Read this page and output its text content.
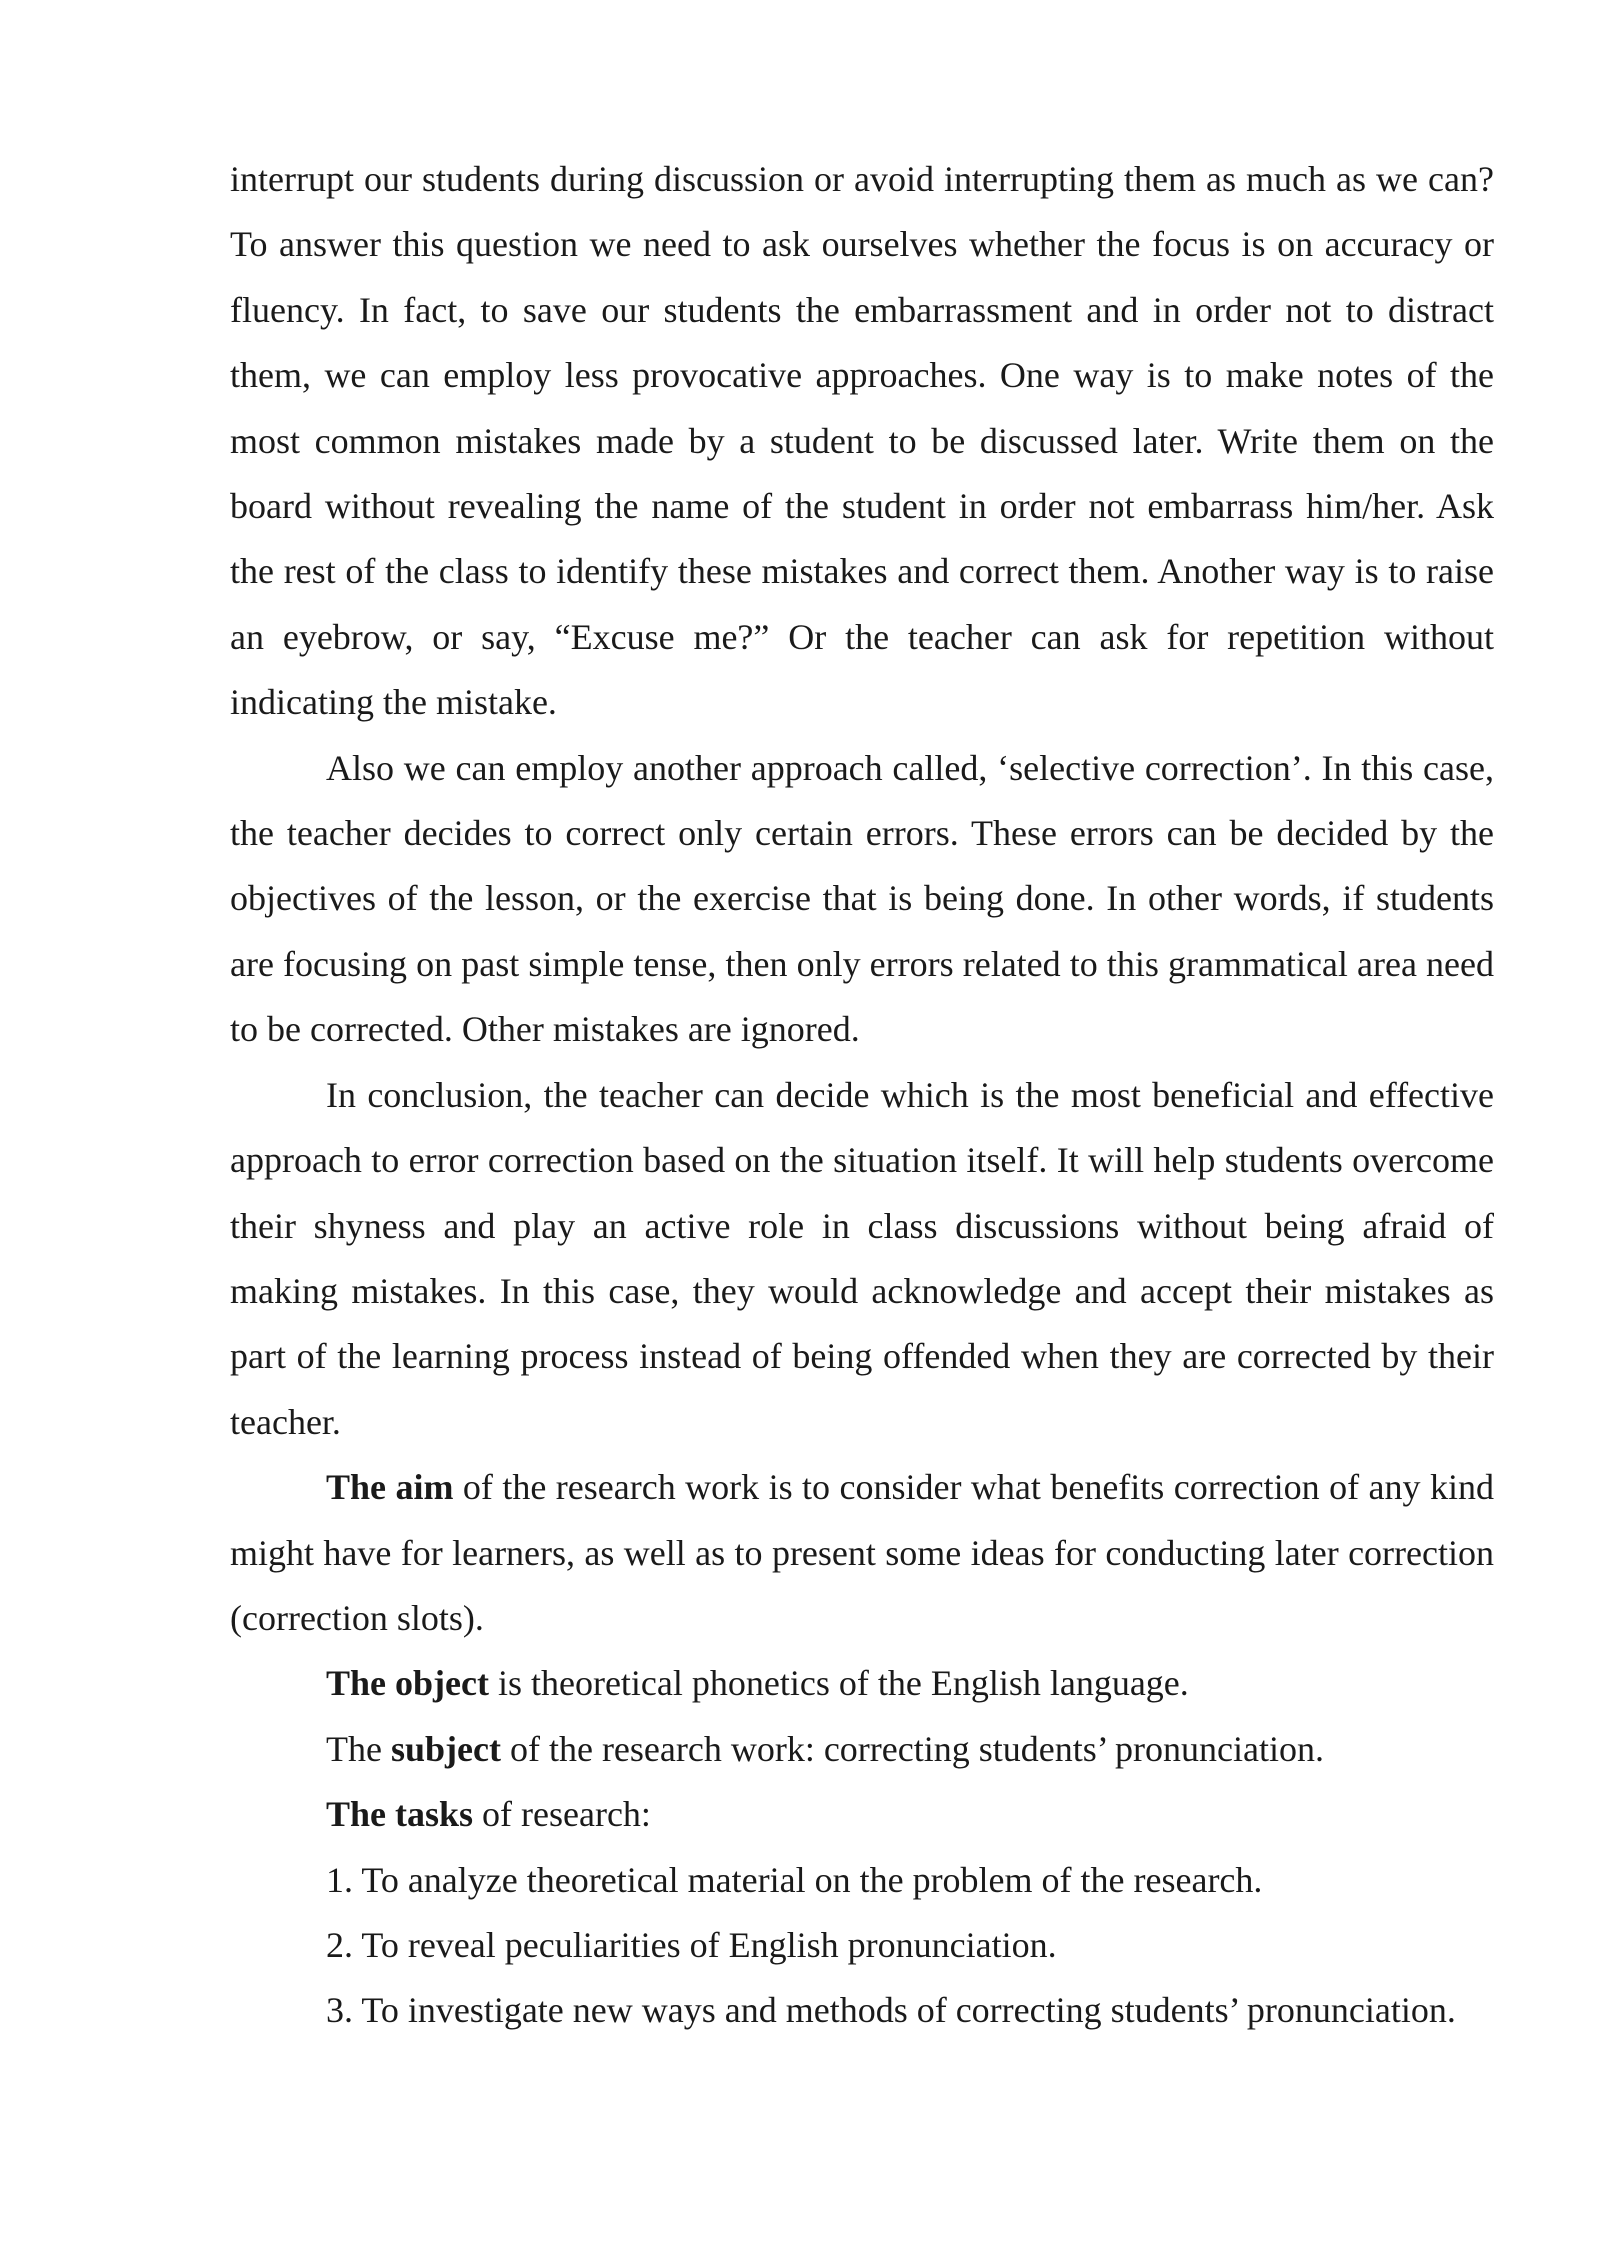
interrupt our students during discussion or avoid interrupting them as much as we can? To answer this question we need to ask ourselves whether the focus is on accuracy or fluency. In fact, to save our students the embarrassment and in order not to distract them, we can employ less provocative approaches. One way is to make notes of the most common mistakes made by a student to be discussed later. Write them on the board without revealing the name of the student in order not embarrass him/her. Ask the rest of the class to identify these mistakes and correct them. Another way is to raise an eyebrow, or say, “Excuse me?” Or the teacher can ask for repetition without indicating the mistake.

Also we can employ another approach called, ‘selective correction’. In this case, the teacher decides to correct only certain errors. These errors can be decided by the objectives of the lesson, or the exercise that is being done. In other words, if students are focusing on past simple tense, then only errors related to this grammatical area need to be corrected. Other mistakes are ignored.

In conclusion, the teacher can decide which is the most beneficial and effective approach to error correction based on the situation itself. It will help students overcome their shyness and play an active role in class discussions without being afraid of making mistakes. In this case, they would acknowledge and accept their mistakes as part of the learning process instead of being offended when they are corrected by their teacher.

The aim of the research work is to consider what benefits correction of any kind might have for learners, as well as to present some ideas for conducting later correction (correction slots).

The object is theoretical phonetics of the English language.

The subject of the research work: correcting students’ pronunciation.

The tasks of research:

1. To analyze theoretical material on the problem of the research.

2. To reveal peculiarities of English pronunciation.

3. To investigate new ways and methods of correcting students’ pronunciation.
